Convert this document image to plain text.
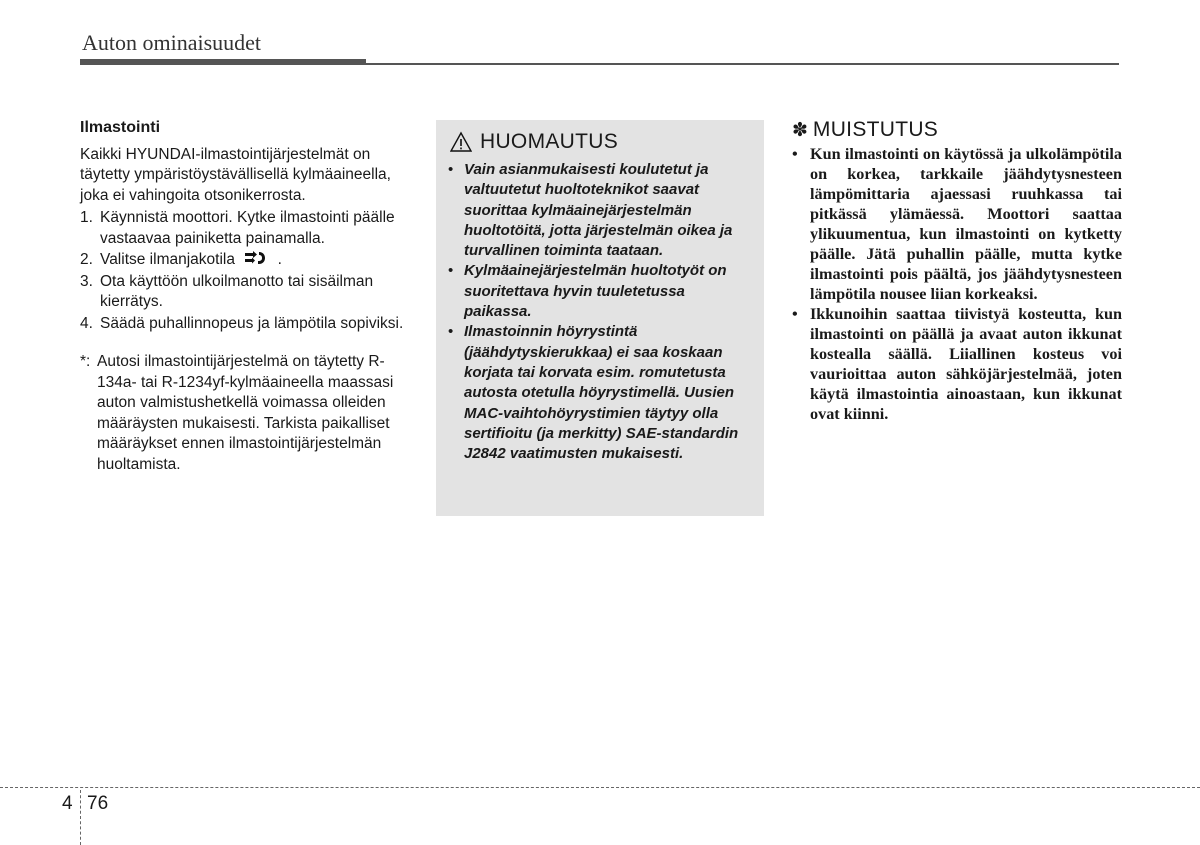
Auton ominaisuudet
Ilmastointi
Kaikki HYUNDAI-ilmastointijärjestelmät on täytetty ympäristöystävällisellä kylmäaineella, joka ei vahingoita otsonikerrosta.
1. Käynnistä moottori. Kytke ilmastointi päälle vastaavaa painiketta painamalla.
2. Valitse ilmanjakotila	.
3. Ota käyttöön ulkoilmanotto tai sisäilman kierrätys.
4. Säädä puhallinnopeus ja lämpötila sopiviksi.
*: Autosi ilmastointijärjestelmä on täytetty R-134a- tai R-1234yf-kylmäaineella maassasi auton valmistushetkellä voimassa olleiden määräysten mukaisesti. Tarkista paikalliset määräykset ennen ilmastointijärjestelmän huoltamista.
HUOMAUTUS
• Vain asianmukaisesti koulutetut ja valtuutetut huoltoteknikot saavat suorittaa kylmäainejärjestelmän huoltotöitä, jotta järjestelmän oikea ja turvallinen toiminta taataan.
• Kylmäainejärjestelmän huoltotyöt on suoritettava hyvin tuuletetussa paikassa.
• Ilmastoinnin höyrystintä (jäähdytyskierukkaa) ei saa koskaan korjata tai korvata esim. romutetusta autosta otetulla höyrystimellä. Uusien MAC-vaihtohöyrystimien täytyy olla sertifioitu (ja merkitty) SAE-standardin J2842 vaatimusten mukaisesti.
✽ MUISTUTUS
• Kun ilmastointi on käytössä ja ulkolämpötila on korkea, tarkkaile jäähdytysnesteen lämpömittaria ajaessasi ruuhkassa tai pitkässä ylämäessä. Moottori saattaa ylikuumentua, kun ilmastointi on kytketty päälle. Jätä puhallin päälle, mutta kytke ilmastointi pois päältä, jos jäähdytysnesteen lämpötila nousee liian korkeaksi.
• Ikkunoihin saattaa tiivistyä kosteutta, kun ilmastointi on päällä ja avaat auton ikkunat kostealla säällä. Liiallinen kosteus voi vaurioittaa auton sähköjärjestelmää, joten käytä ilmastointia ainoastaan, kun ikkunat ovat kiinni.
4 76
